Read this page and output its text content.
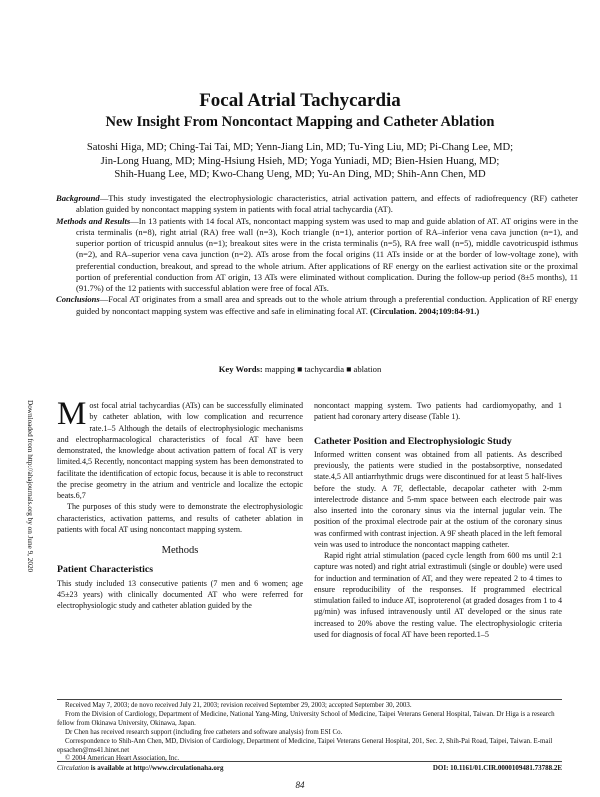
Focal Atrial Tachycardia
New Insight From Noncontact Mapping and Catheter Ablation
Satoshi Higa, MD; Ching-Tai Tai, MD; Yenn-Jiang Lin, MD; Tu-Ying Liu, MD; Pi-Chang Lee, MD;
Jin-Long Huang, MD; Ming-Hsiung Hsieh, MD; Yoga Yuniadi, MD; Bien-Hsien Huang, MD;
Shih-Huang Lee, MD; Kwo-Chang Ueng, MD; Yu-An Ding, MD; Shih-Ann Chen, MD

Background—This study investigated the electrophysiologic characteristics, atrial activation pattern, and effects of radiofrequency (RF) catheter ablation guided by noncontact mapping system in patients with focal atrial tachycardia (AT).

Methods and Results—In 13 patients with 14 focal ATs, noncontact mapping system was used to map and guide ablation of AT. AT origins were in the crista terminalis (n=8), right atrial (RA) free wall (n=3), Koch triangle (n=1), anterior portion of RA–inferior vena cava junction (n=1), and superior portion of tricuspid annulus (n=1); breakout sites were in the crista terminalis (n=5), RA free wall (n=5), middle cavotricuspid isthmus (n=2), and RA–superior vena cava junction (n=2). ATs arose from the focal origins (11 ATs inside or at the border of low-voltage zone), with preferential conduction, breakout, and spread to the whole atrium. After applications of RF energy on the earliest activation site or the proximal portion of preferential conduction from AT origin, 13 ATs were eliminated without complication. During the follow-up period (8±5 months), 11 (91.7%) of the 12 patients with successful ablation were free of focal ATs.

Conclusions—Focal AT originates from a small area and spreads out to the whole atrium through a preferential conduction. Application of RF energy guided by noncontact mapping system was effective and safe in eliminating focal AT. (Circulation. 2004;109:84-91.)

Key Words: mapping ■ tachycardia ■ ablation
Downloaded from http://ahajournals.org by on June 9, 2020 Most focal atrial tachycardias (ATs) can be successfully eliminated by catheter ablation, with low complication and recurrence rate.1–5 Although the details of electrophysiologic mechanisms and electropharmacological characteristics of focal AT have been demonstrated, the knowledge about activation pattern of focal AT is very limited.4,5 Recently, noncontact mapping system has been demonstrated to facilitate the identification of ectopic focus, because it is able to reconstruct the precise geometry in the atrium and ventricle and localize the ectopic beats.6,7

The purposes of this study were to demonstrate the electrophysiologic characteristics, activation patterns, and results of catheter ablation in patients with focal AT using noncontact mapping system.

Methods
Patient Characteristics

This study included 13 consecutive patients (7 men and 6 women; age 45±23 years) with clinically documented AT who were referred for electrophysiologic study and catheter ablation guided by the

noncontact mapping system. Two patients had cardiomyopathy, and 1 patient had coronary artery disease (Table 1).

Catheter Position and Electrophysiologic Study

Informed written consent was obtained from all patients. As described previously, the patients were studied in the postabsorptive, nonsedated state.4,5 All antiarrhythmic drugs were discontinued for at least 5 half-lives before the study. A 7F, deflectable, decapolar catheter with 2-mm interelectrode distance and 5-mm space between each electrode pair was also inserted into the coronary sinus via the internal jugular vein. The position of the proximal electrode pair at the ostium of the coronary sinus was confirmed with contrast injection. A 9F sheath placed in the left femoral vein was used to introduce the noncontact mapping catheter.

Rapid right atrial stimulation (paced cycle length from 600 ms until 2:1 capture was noted) and right atrial extrastimuli (single or double) were used for induction and termination of AT, and they were repeated 2 to 4 times to ensure reproducibility of the responses. If programmed electrical stimulation failed to induce AT, isoproterenol (at graded dosages from 1 to 4 μg/min) was infused intravenously until AT developed or the sinus rate increased to 20% above the resting value. The electrophysiologic criteria used for diagnosis of focal AT have been reported.1–5

Received May 7, 2003; de novo received July 21, 2003; revision received September 29, 2003; accepted September 30, 2003.

From the Division of Cardiology, Department of Medicine, National Yang-Ming, University School of Medicine, Taipei Veterans General Hospital, Taiwan. Dr Higa is a research fellow from Okinawa University, Okinawa, Japan.

Dr Chen has received research support (including free catheters and software analysis) from ESI Co.

Correspondence to Shih-Ann Chen, MD, Division of Cardiology, Department of Medicine, Taipei Veterans General Hospital, 201, Sec. 2, Shih-Pai Road, Taipei, Taiwan. E-mail epsachen@ms41.hinet.net

© 2004 American Heart Association, Inc.

Circulation is available at http://www.circulationaha.org	DOI: 10.1161/01.CIR.0000109481.73788.2E
84
